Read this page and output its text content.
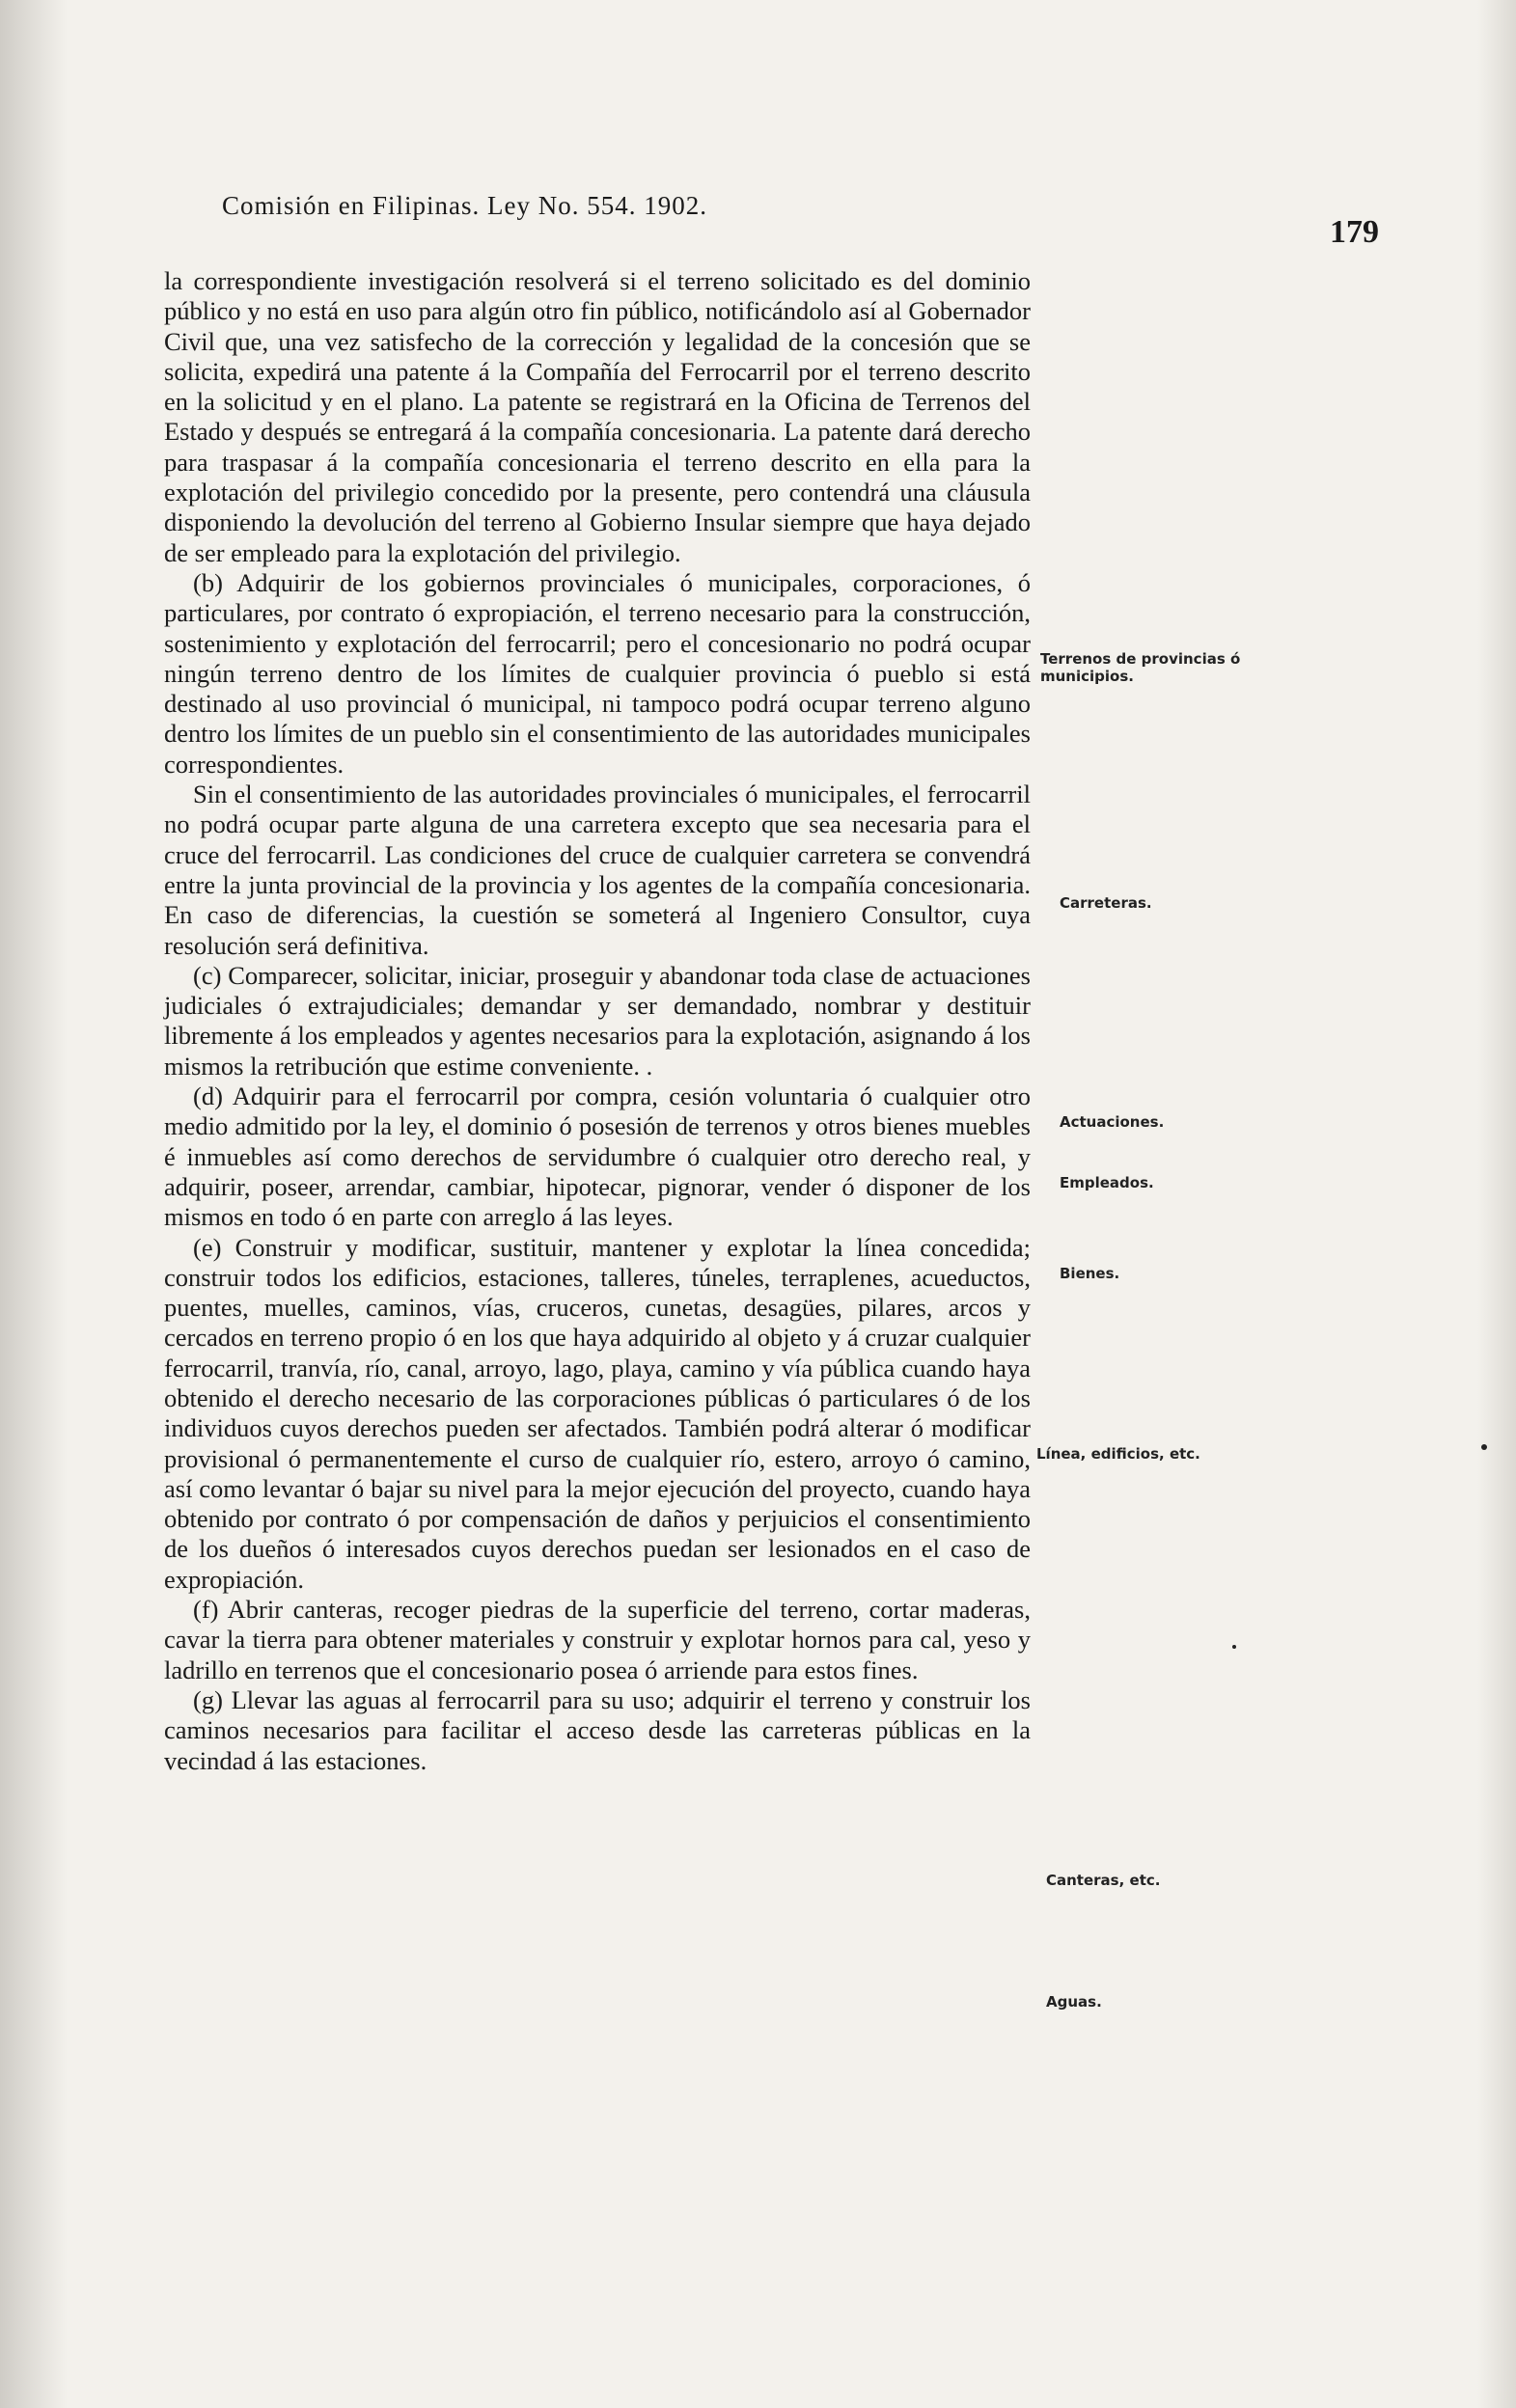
Comisión en Filipinas. Ley No. 554. 1902.
179

la correspondiente investigación resolverá si el terreno solicitado es del dominio público y no está en uso para algún otro fin público, notificándolo así al Gobernador Civil que, una vez satisfecho de la corrección y legalidad de la concesión que se solicita, expedirá una patente á la Compañía del Ferrocarril por el terreno descrito en la solicitud y en el plano. La patente se registrará en la Oficina de Terrenos del Estado y después se entregará á la compañía concesionaria. La patente dará derecho para traspasar á la compañía concesionaria el terreno descrito en ella para la explotación del privilegio concedido por la presente, pero contendrá una cláusula disponiendo la devolución del terreno al Gobierno Insular siempre que haya dejado de ser empleado para la explotación del privilegio.

(b) Adquirir de los gobiernos provinciales ó municipales, corporaciones, ó particulares, por contrato ó expropiación, el terreno necesario para la construcción, sostenimiento y explotación del ferrocarril; pero el concesionario no podrá ocupar ningún terreno dentro de los límites de cualquier provincia ó pueblo si está destinado al uso provincial ó municipal, ni tampoco podrá ocupar terreno alguno dentro los límites de un pueblo sin el consentimiento de las autoridades municipales correspondientes.

Sin el consentimiento de las autoridades provinciales ó municipales, el ferrocarril no podrá ocupar parte alguna de una carretera excepto que sea necesaria para el cruce del ferrocarril. Las condiciones del cruce de cualquier carretera se convendrá entre la junta provincial de la provincia y los agentes de la compañía concesionaria. En caso de diferencias, la cuestión se someterá al Ingeniero Consultor, cuya resolución será definitiva.

(c) Comparecer, solicitar, iniciar, proseguir y abandonar toda clase de actuaciones judiciales ó extrajudiciales; demandar y ser demandado, nombrar y destituir libremente á los empleados y agentes necesarios para la explotación, asignando á los mismos la retribución que estime conveniente. .

(d) Adquirir para el ferrocarril por compra, cesión voluntaria ó cualquier otro medio admitido por la ley, el dominio ó posesión de terrenos y otros bienes muebles é inmuebles así como derechos de servidumbre ó cualquier otro derecho real, y adquirir, poseer, arrendar, cambiar, hipotecar, pignorar, vender ó disponer de los mismos en todo ó en parte con arreglo á las leyes.

(e) Construir y modificar, sustituir, mantener y explotar la línea concedida; construir todos los edificios, estaciones, talleres, túneles, terraplenes, acueductos, puentes, muelles, caminos, vías, cruceros, cunetas, desagües, pilares, arcos y cercados en terreno propio ó en los que haya adquirido al objeto y á cruzar cualquier ferrocarril, tranvía, río, canal, arroyo, lago, playa, camino y vía pública cuando haya obtenido el derecho necesario de las corporaciones públicas ó particulares ó de los individuos cuyos derechos pueden ser afectados. También podrá alterar ó modificar provisional ó permanentemente el curso de cualquier río, estero, arroyo ó camino, así como levantar ó bajar su nivel para la mejor ejecución del proyecto, cuando haya obtenido por contrato ó por compensación de daños y perjuicios el consentimiento de los dueños ó interesados cuyos derechos puedan ser lesionados en el caso de expropiación.

(f) Abrir canteras, recoger piedras de la superficie del terreno, cortar maderas, cavar la tierra para obtener materiales y construir y explotar hornos para cal, yeso y ladrillo en terrenos que el concesionario posea ó arriende para estos fines.

(g) Llevar las aguas al ferrocarril para su uso; adquirir el terreno y construir los caminos necesarios para facilitar el acceso desde las carreteras públicas en la vecindad á las estaciones.

Terrenos de provincias ó municipios.
Carreteras.
Actuaciones.
Empleados.
Bienes.
Línea, edificios, etc.
Canteras, etc.
Aguas.
